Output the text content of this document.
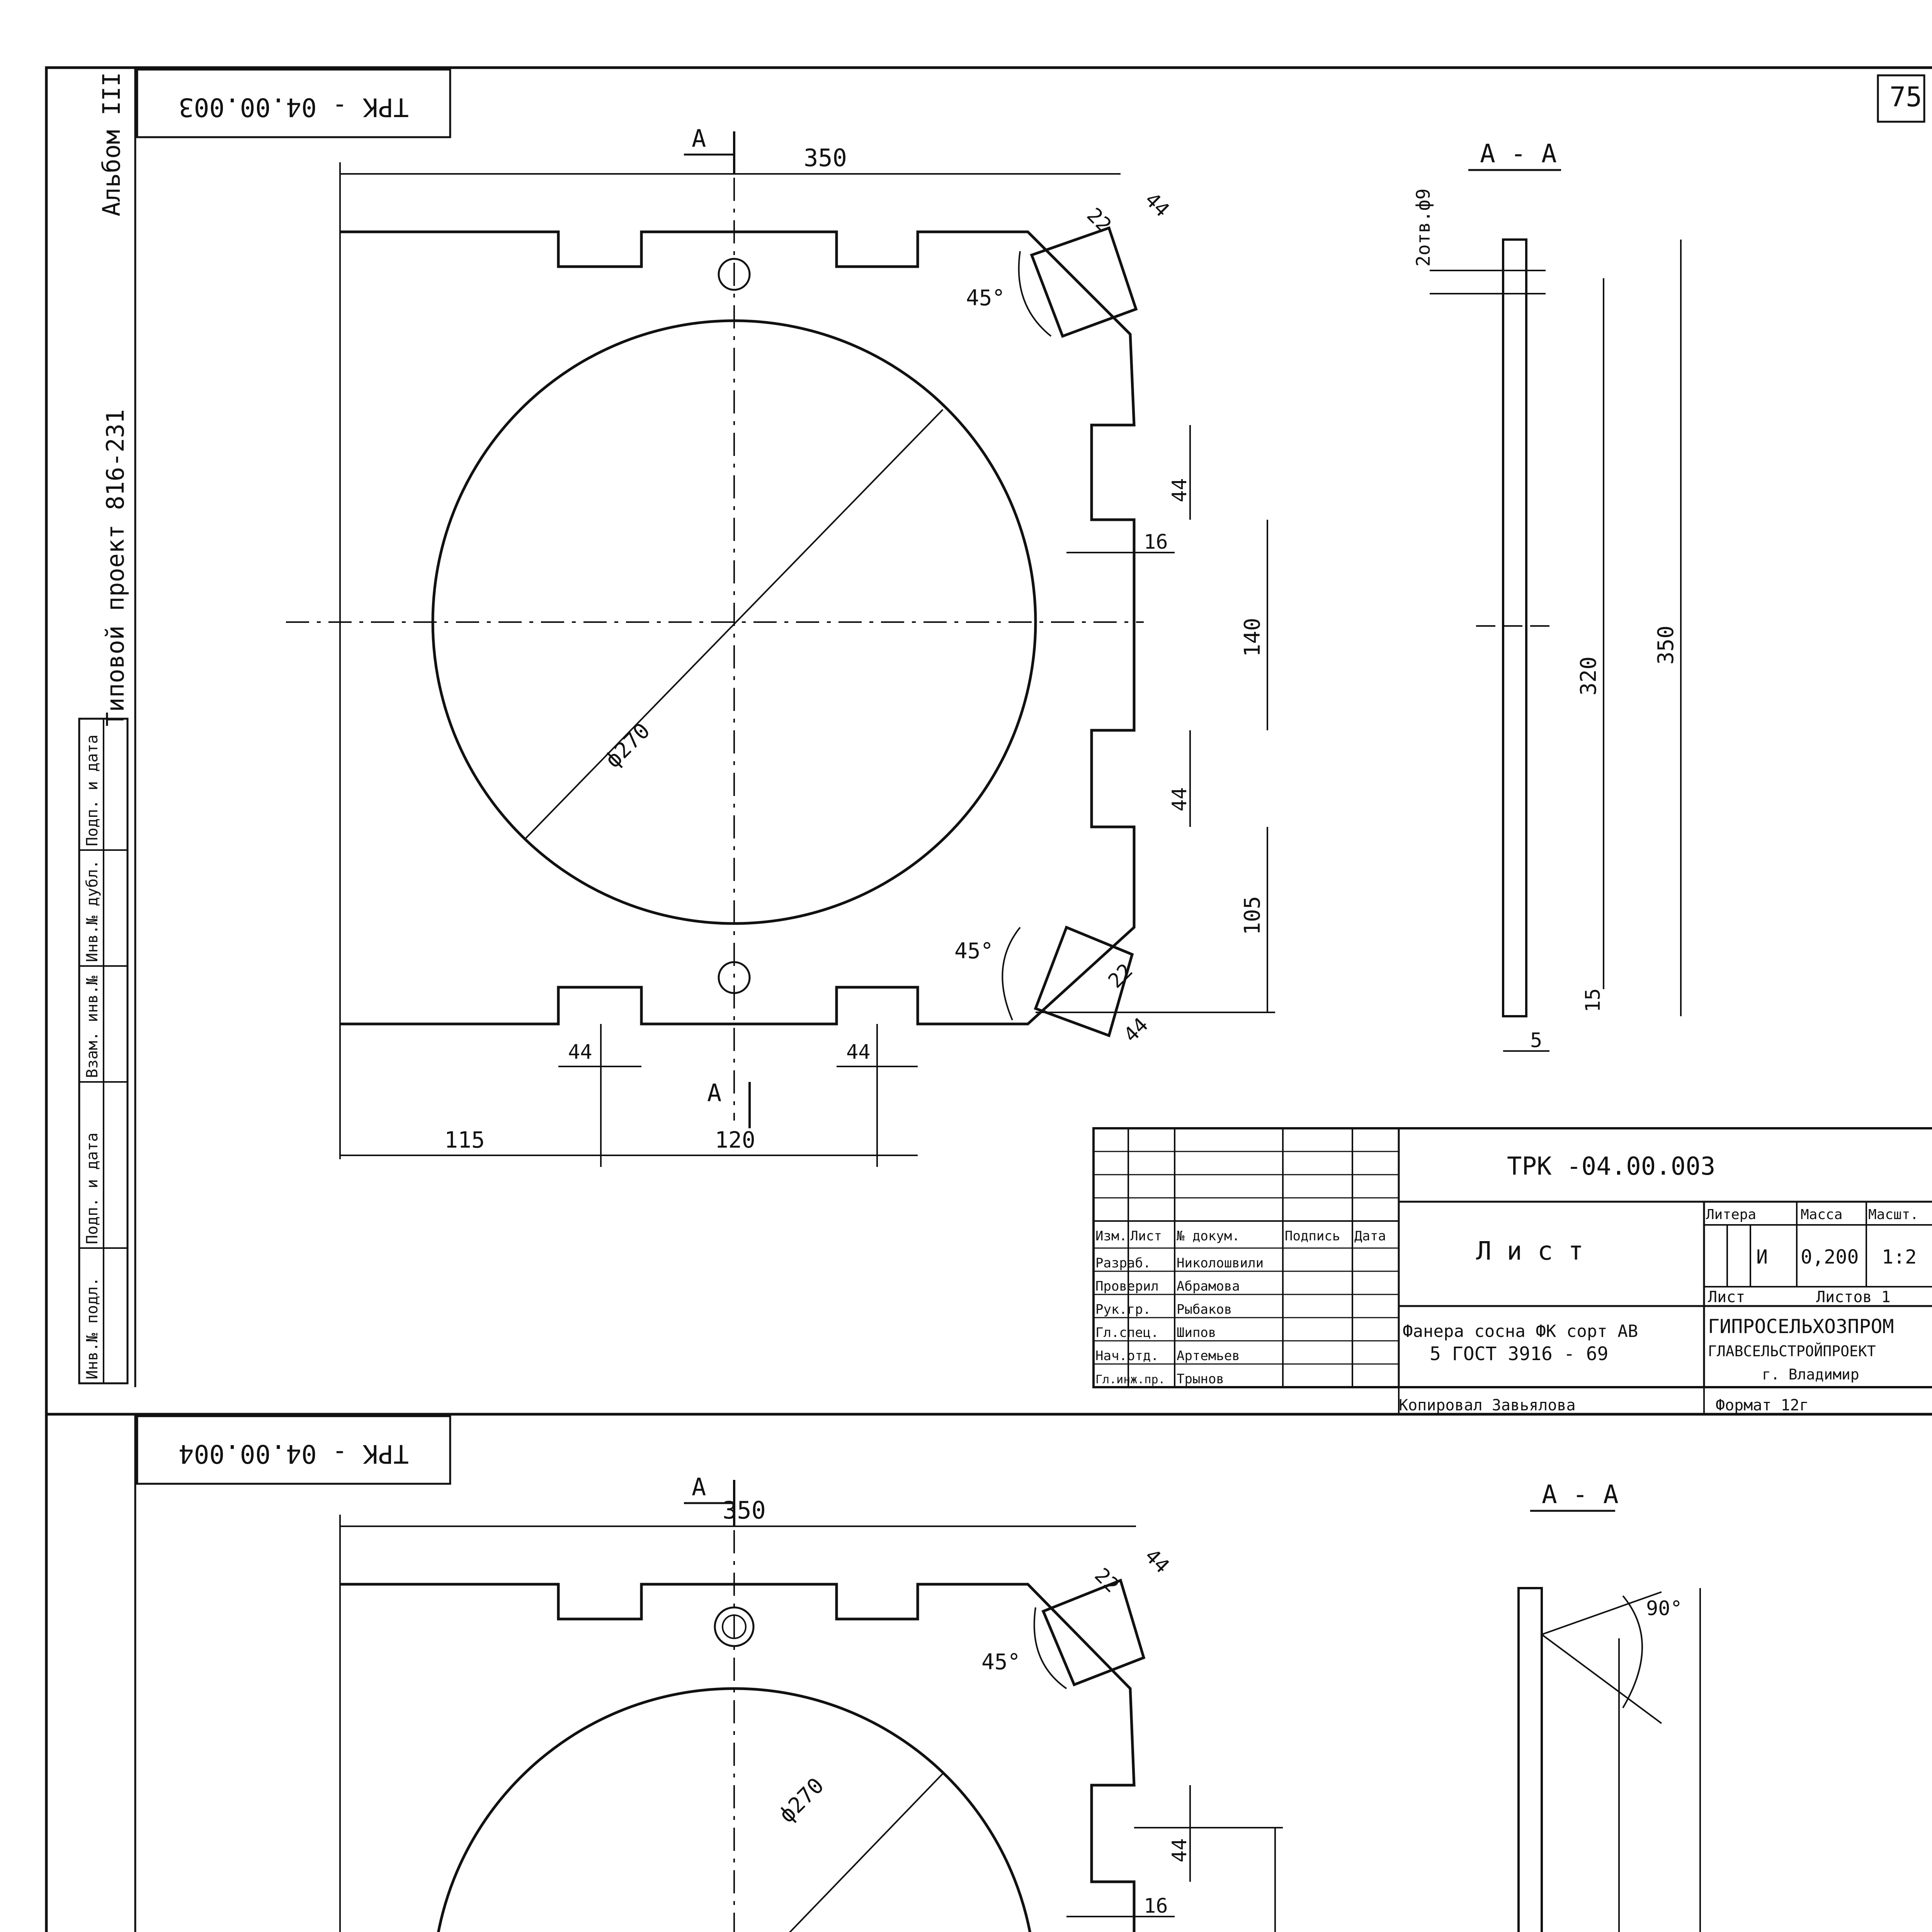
75
Альбом III
Типовой проект 816-231
Инв.№ подл.
Подп. и дата
Взам. инв.№
Инв.№ дубл.
Подп. и дата
ТРК - 04.00.003
350
А
А
44
22
45°
45°
22
44
44
16
140
44
105
ф270
44	44
115	120
А - А
2отв.ф9
320
350
15
5
Изм. Лист № докум.	Подпись Дата
Разраб. Николошвили
Проверил Абрамова
Рук.гр. Рыбаков
Гл.спец. Шипов
Нач.отд. Артемьев
Гл.инж.пр. Трынов
ТРК -04.00.003
Л и с т
Литера	Масса Масшт.
И 0,200 1:2
Лист	Листов 1
Фанера сосна ФК сорт АВ
5 ГОСТ 3916 - 69
ГИПРОСЕЛЬХОЗПРОМ
ГЛАВСЕЛЬСТРОЙПРОЕКТ
г. Владимир
Копировал Завьялова	Формат 12г
ТРК - 04.00.004
350
А
44
22
45°
44
16
ф270
А - А
90°
